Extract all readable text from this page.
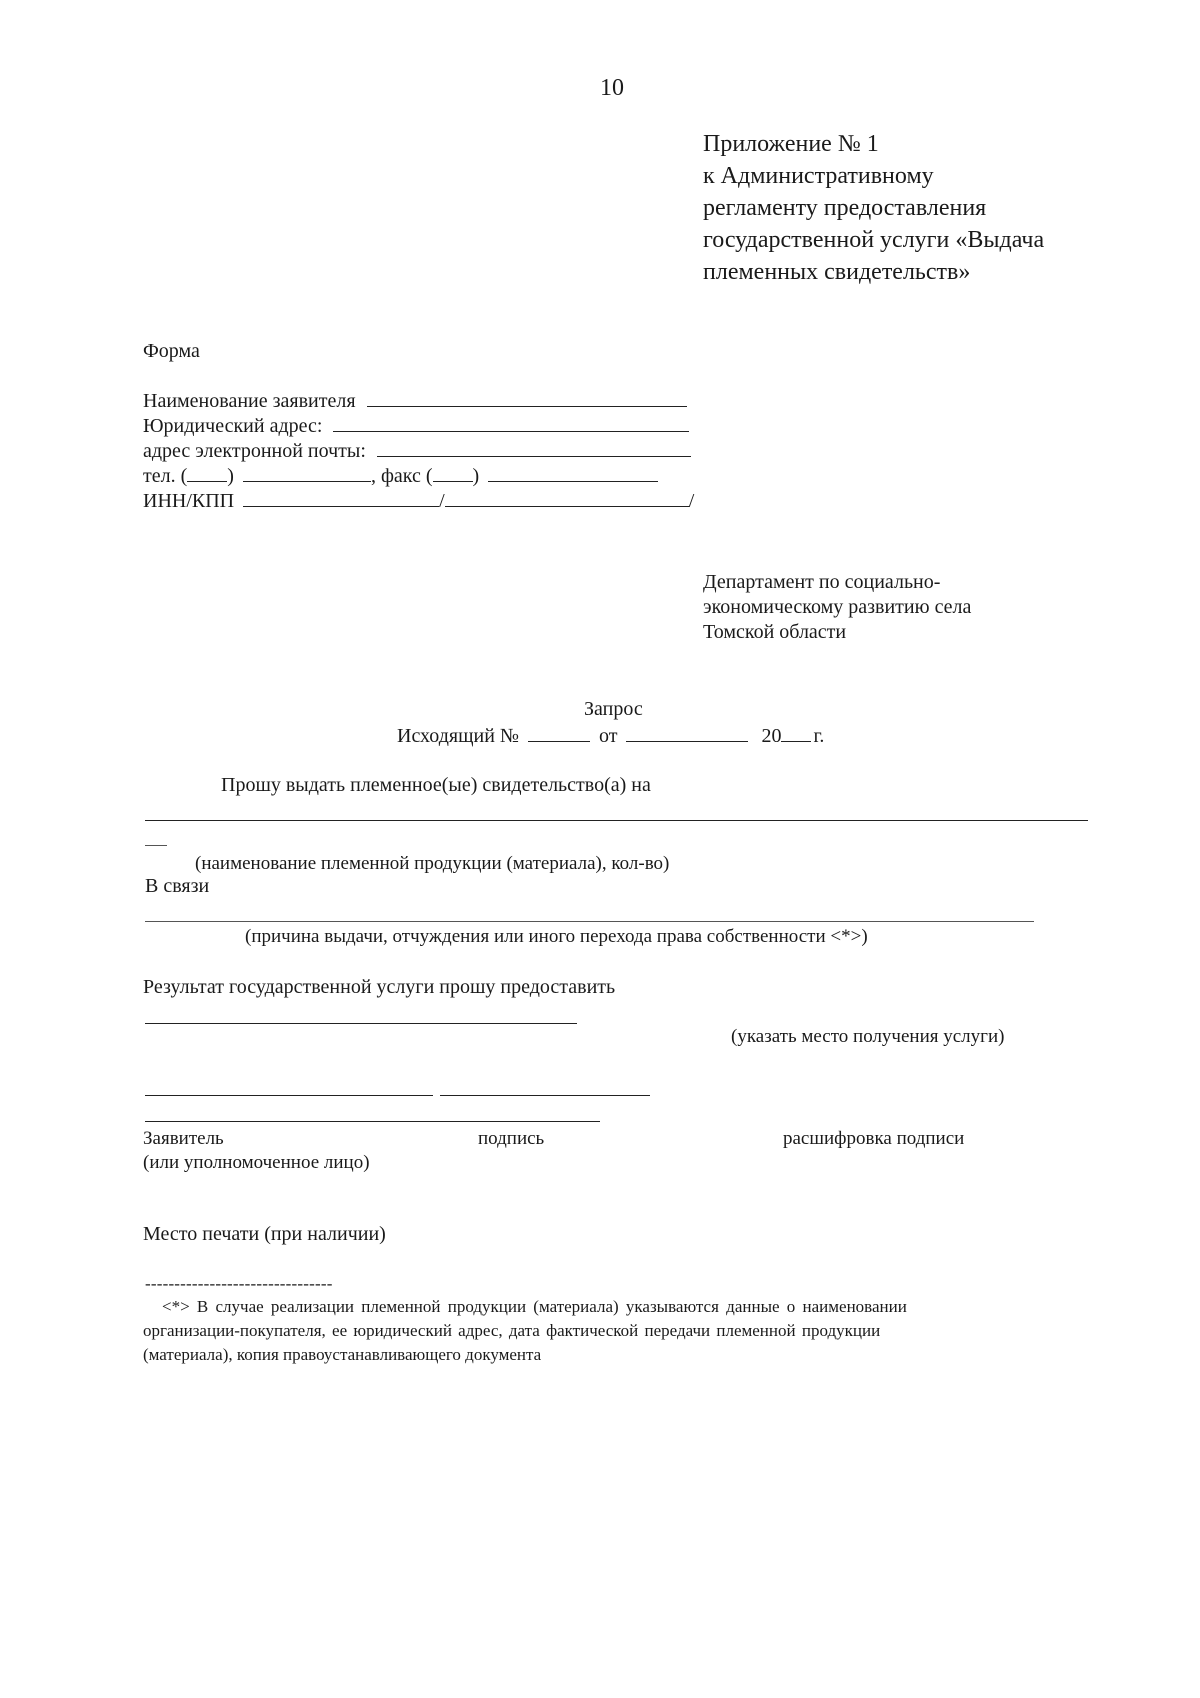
10
Приложение № 1
к Административному
регламенту предоставления
государственной услуги «Выдача
племенных свидетельств»
Форма
Наименование заявителя
Юридический адрес:
адрес электронной почты:
тел. ( )	, факс ( )
ИНН/КПП	/	/
Департамент по социально-
экономическому развитию села
Томской области
Запрос
Исходящий №	от	20 г.
Прошу выдать племенное(ые) свидетельство(а) на
(наименование племенной продукции (материала), кол-во)
В связи
(причина выдачи, отчуждения или иного перехода права собственности <*>)
Результат государственной услуги прошу предоставить
(указать место получения услуги)
Заявитель	подпись	расшифровка подписи
(или уполномоченное лицо)
Место печати (при наличии)
--------------------------------
<*> В случае реализации племенной продукции (материала) указываются данные о наименовании
организации-покупателя, ее юридический адрес, дата фактической передачи племенной продукции
(материала), копия правоустанавливающего документа
